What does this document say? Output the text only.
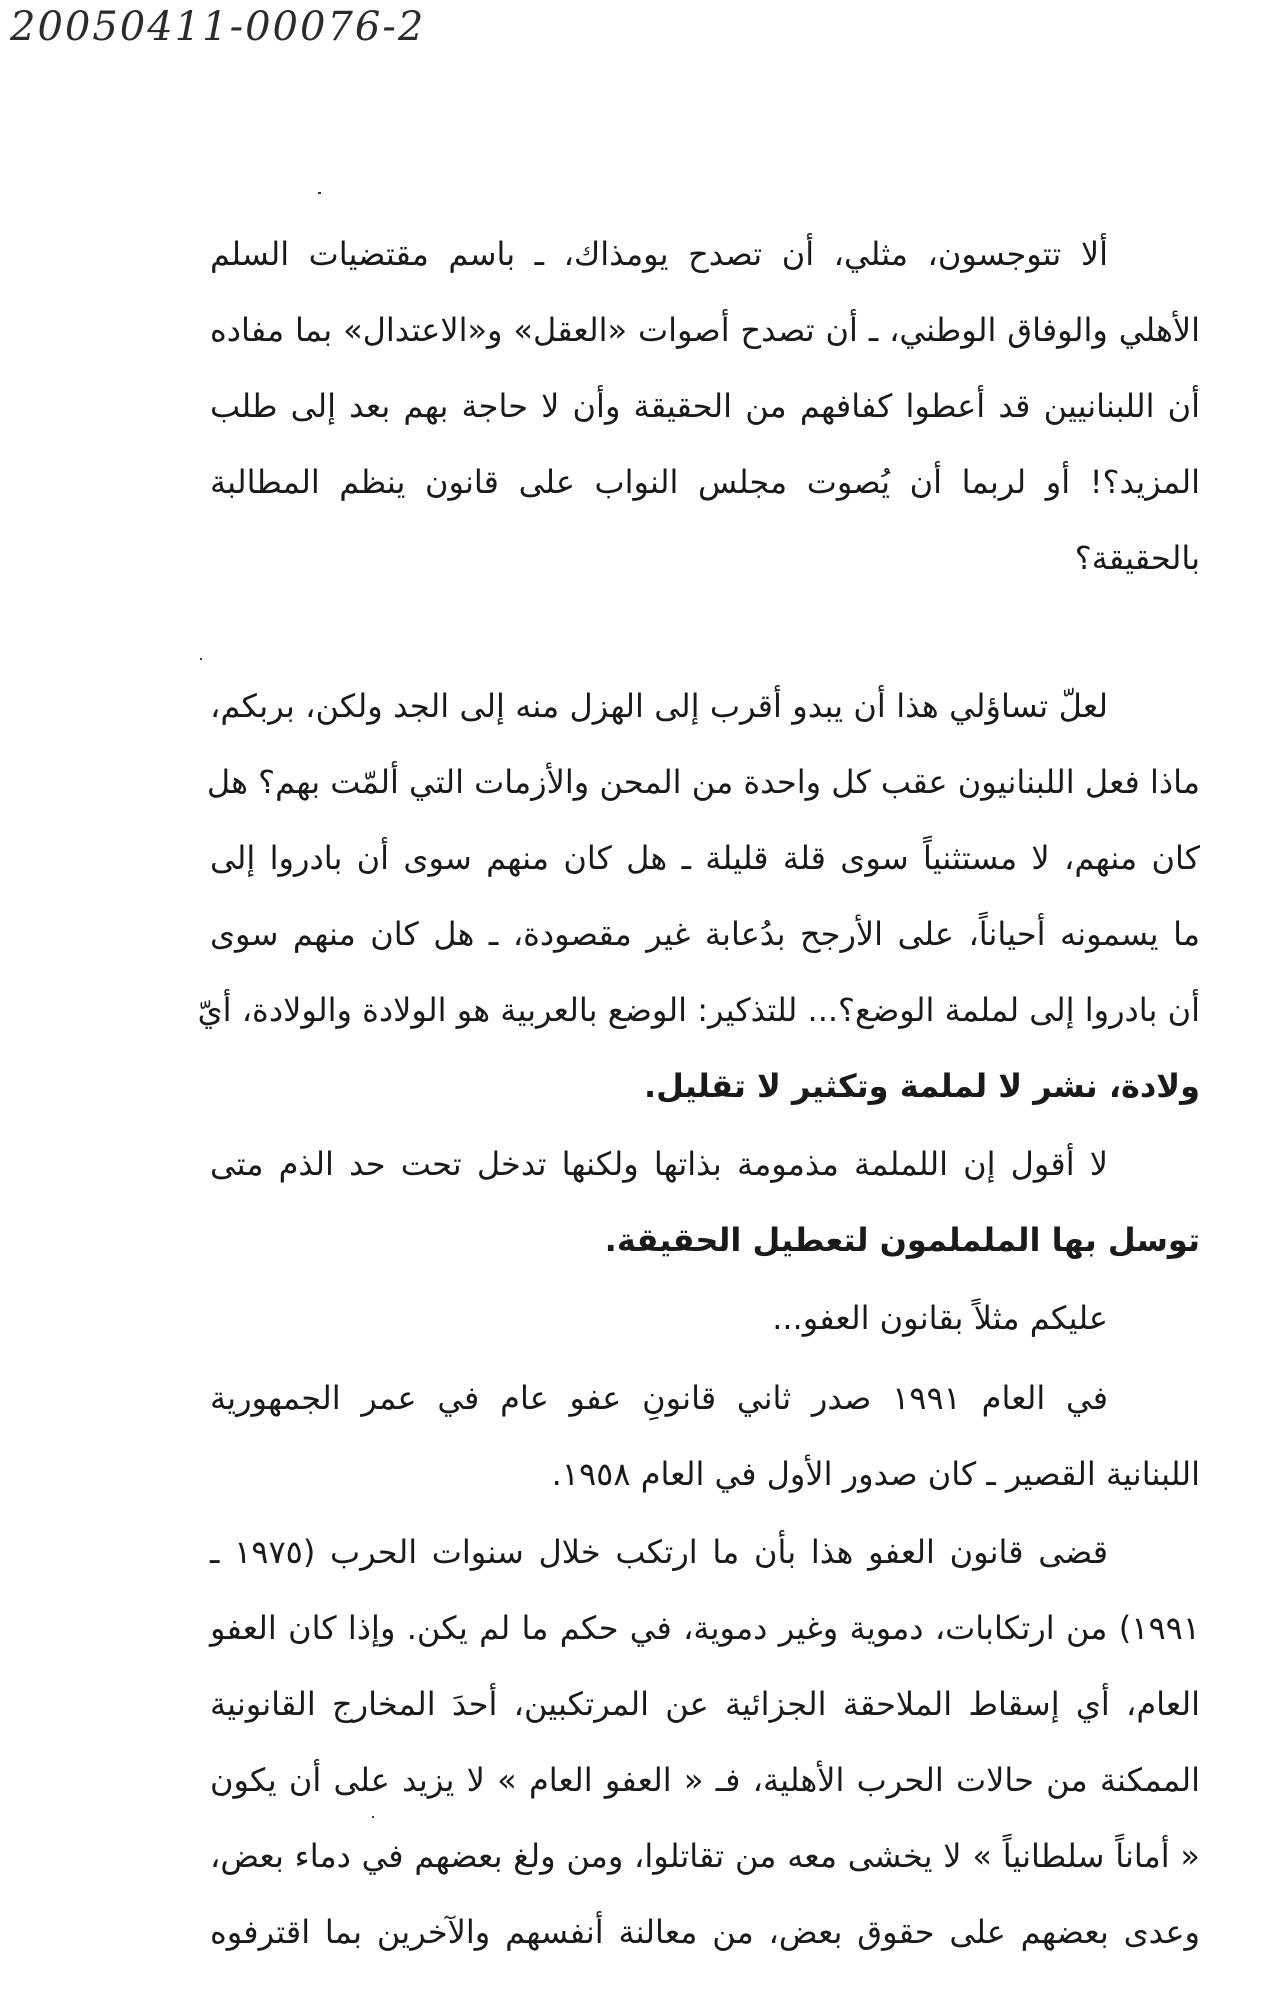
20050411-00076-2
ألا تتوجسون، مثلي، أن تصدح يومذاك، ـ باسم مقتضيات السلم
الأهلي والوفاق الوطني، ـ أن تصدح أصوات «العقل» و«الاعتدال» بما مفاده
أن اللبنانيين قد أعطوا كفافهم من الحقيقة وأن لا حاجة بهم بعد إلى طلب
المزيد؟! أو لربما أن يُصوت مجلس النواب على قانون ينظم المطالبة
بالحقيقة؟
لعلّ تساؤلي هذا أن يبدو أقرب إلى الهزل منه إلى الجد ولكن، بربكم،
ماذا فعل اللبنانيون عقب كل واحدة من المحن والأزمات التي ألمّت بهم؟ هل
كان منهم، لا مستثنياً سوى قلة قليلة ـ هل كان منهم سوى أن بادروا إلى
ما يسمونه أحياناً، على الأرجح بدُعابة غير مقصودة، ـ هل كان منهم سوى
أن بادروا إلى لملمة الوضع؟... للتذكير: الوضع بالعربية هو الولادة والولادة، أيّ
ولادة، نشر لا لملمة وتكثير لا تقليل.
لا أقول إن اللملمة مذمومة بذاتها ولكنها تدخل تحت حد الذم متى
توسل بها الململمون لتعطيل الحقيقة.
عليكم مثلاً بقانون العفو...
في العام ١٩٩١ صدر ثاني قانونِ عفو عام في عمر الجمهورية
اللبنانية القصير ـ كان صدور الأول في العام ١٩٥٨.
قضى قانون العفو هذا بأن ما ارتكب خلال سنوات الحرب (١٩٧٥ ـ
١٩٩١) من ارتكابات، دموية وغير دموية، في حكم ما لم يكن. وإذا كان العفو
العام، أي إسقاط الملاحقة الجزائية عن المرتكبين، أحدَ المخارج القانونية
الممكنة من حالات الحرب الأهلية، فـ « العفو العام » لا يزيد على أن يكون
« أماناً سلطانياً » لا يخشى معه من تقاتلوا، ومن ولغ بعضهم في دماء بعض،
وعدى بعضهم على حقوق بعض، من معالنة أنفسهم والآخرين بما اقترفوه
